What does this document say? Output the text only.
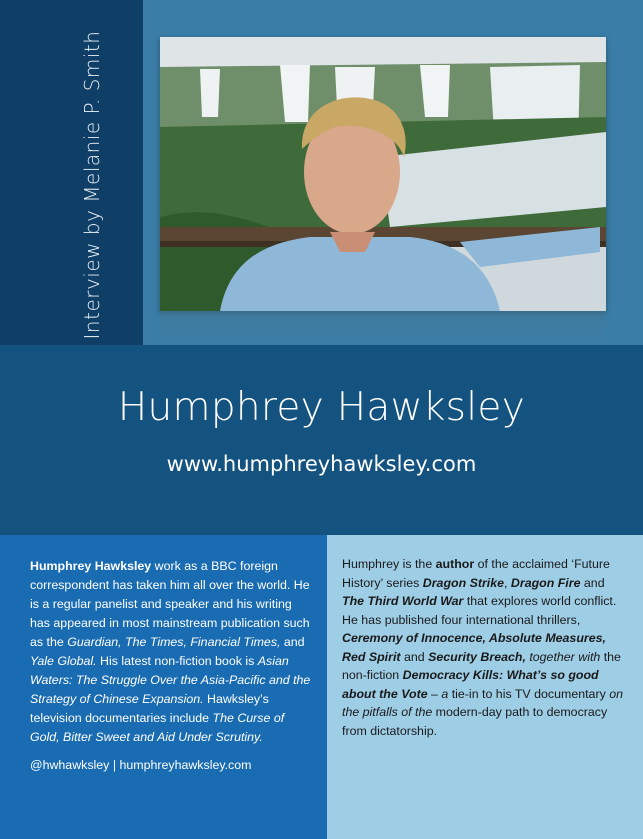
Interview by Melanie P. Smith
Humphrey Hawksley
www.humphreyhawksley.com

Humphrey Hawksley work as a BBC foreign correspondent has taken him all over the world. He is a regular panelist and speaker and his writing has appeared in most mainstream publication such as the Guardian, The Times, Financial Times, and Yale Global. His latest non-fiction book is Asian Waters: The Struggle Over the Asia-Pacific and the Strategy of Chinese Expansion. Hawksley’s television documentaries include The Curse of Gold, Bitter Sweet and Aid Under Scrutiny.

@hwhawksley | humphreyhawksley.com

Humphrey is the author of the acclaimed ‘Future History’ series Dragon Strike, Dragon Fire and The Third World War that explores world conflict. He has published four international thrillers, Ceremony of Innocence, Absolute Measures, Red Spirit and Security Breach, together with the non-fiction Democracy Kills: What’s so good about the Vote – a tie-in to his TV documentary on the pitfalls of the modern-day path to democracy from dictatorship.
